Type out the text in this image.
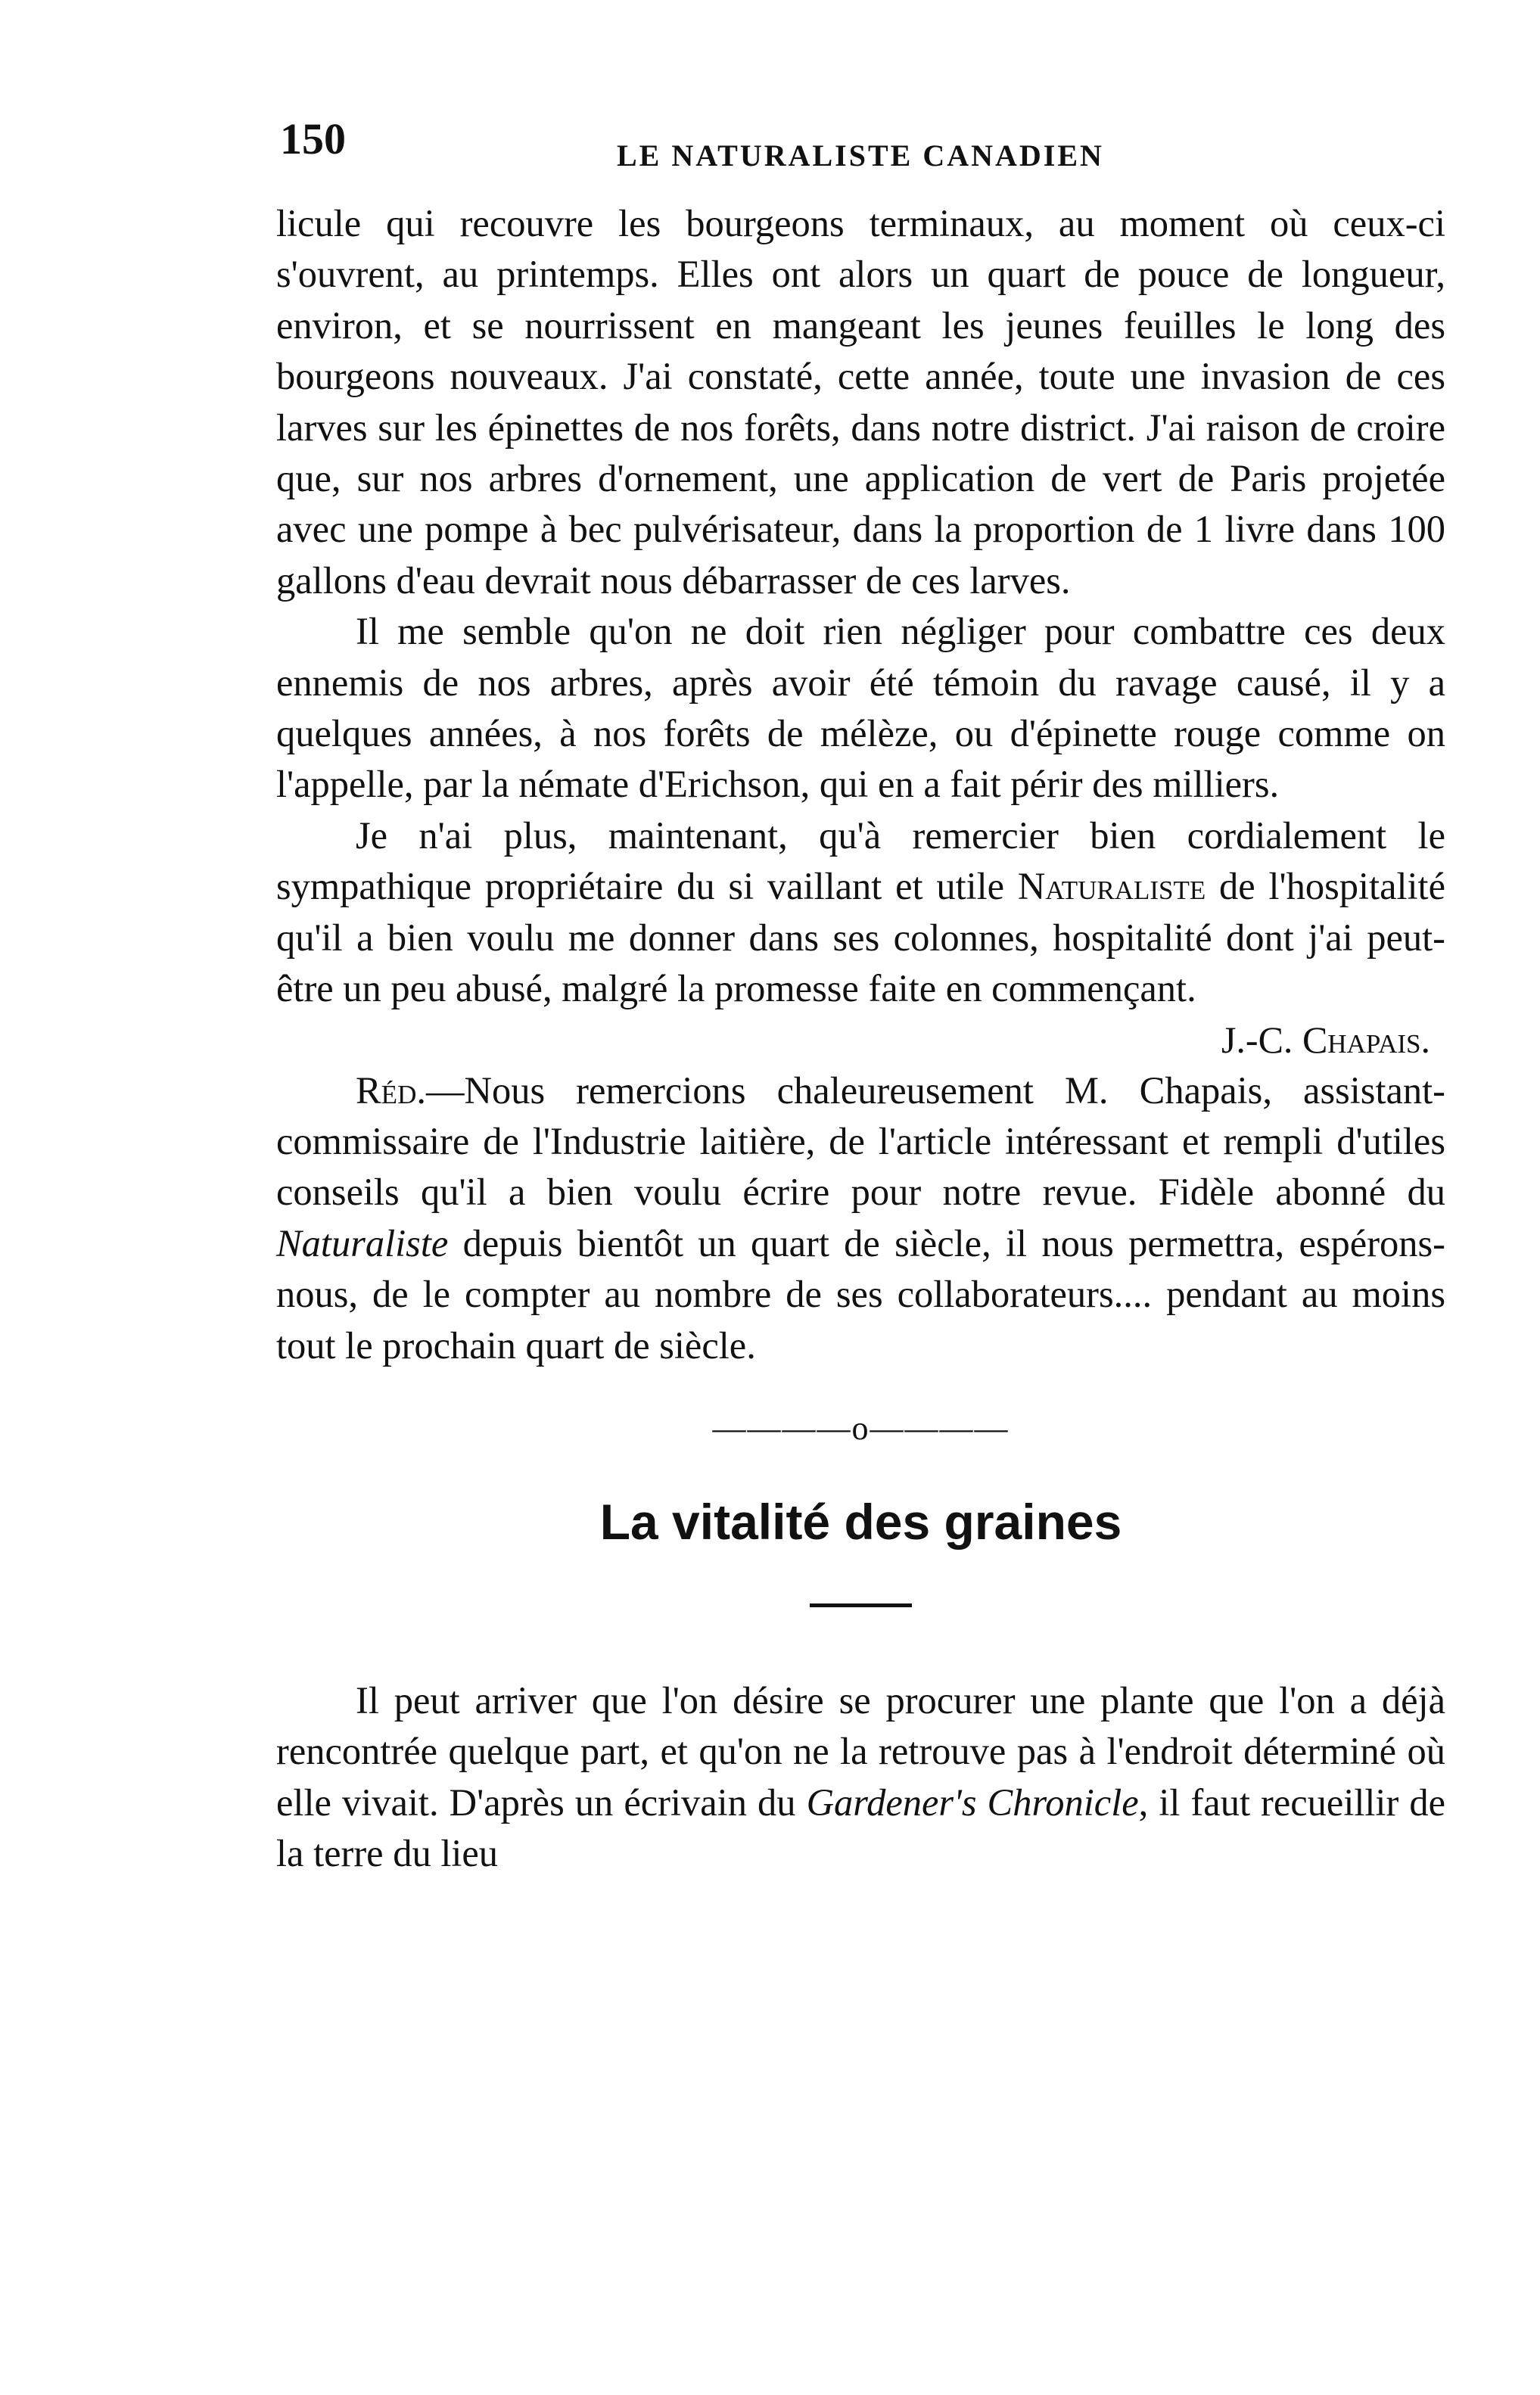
150	LE NATURALISTE CANADIEN

licule qui recouvre les bourgeons terminaux, au moment où ceux-ci s'ouvrent, au printemps. Elles ont alors un quart de pouce de longueur, environ, et se nourrissent en mangeant les jeunes feuilles le long des bourgeons nouveaux. J'ai constaté, cette année, toute une invasion de ces larves sur les épinettes de nos forêts, dans notre district. J'ai raison de croire que, sur nos arbres d'ornement, une application de vert de Paris projetée avec une pompe à bec pulvérisateur, dans la proportion de 1 livre dans 100 gallons d'eau devrait nous débarrasser de ces larves.

Il me semble qu'on ne doit rien négliger pour combattre ces deux ennemis de nos arbres, après avoir été témoin du ravage causé, il y a quelques années, à nos forêts de mélèze, ou d'épinette rouge comme on l'appelle, par la némate d'Erichson, qui en a fait périr des milliers.

Je n'ai plus, maintenant, qu'à remercier bien cordialement le sympathique propriétaire du si vaillant et utile Naturaliste de l'hospitalité qu'il a bien voulu me donner dans ses colonnes, hospitalité dont j'ai peut-être un peu abusé, malgré la promesse faite en commençant.

J.-C. Chapais.

Réd.—Nous remercions chaleureusement M. Chapais, assistant-commissaire de l'Industrie laitière, de l'article intéressant et rempli d'utiles conseils qu'il a bien voulu écrire pour notre revue. Fidèle abonné du Naturaliste depuis bientôt un quart de siècle, il nous permettra, espérons-nous, de le compter au nombre de ses collaborateurs.... pendant au moins tout le prochain quart de siècle.

————o————
La vitalité des graines

Il peut arriver que l'on désire se procurer une plante que l'on a déjà rencontrée quelque part, et qu'on ne la retrouve pas à l'endroit déterminé où elle vivait. D'après un écrivain du Gardener's Chronicle, il faut recueillir de la terre du lieu
